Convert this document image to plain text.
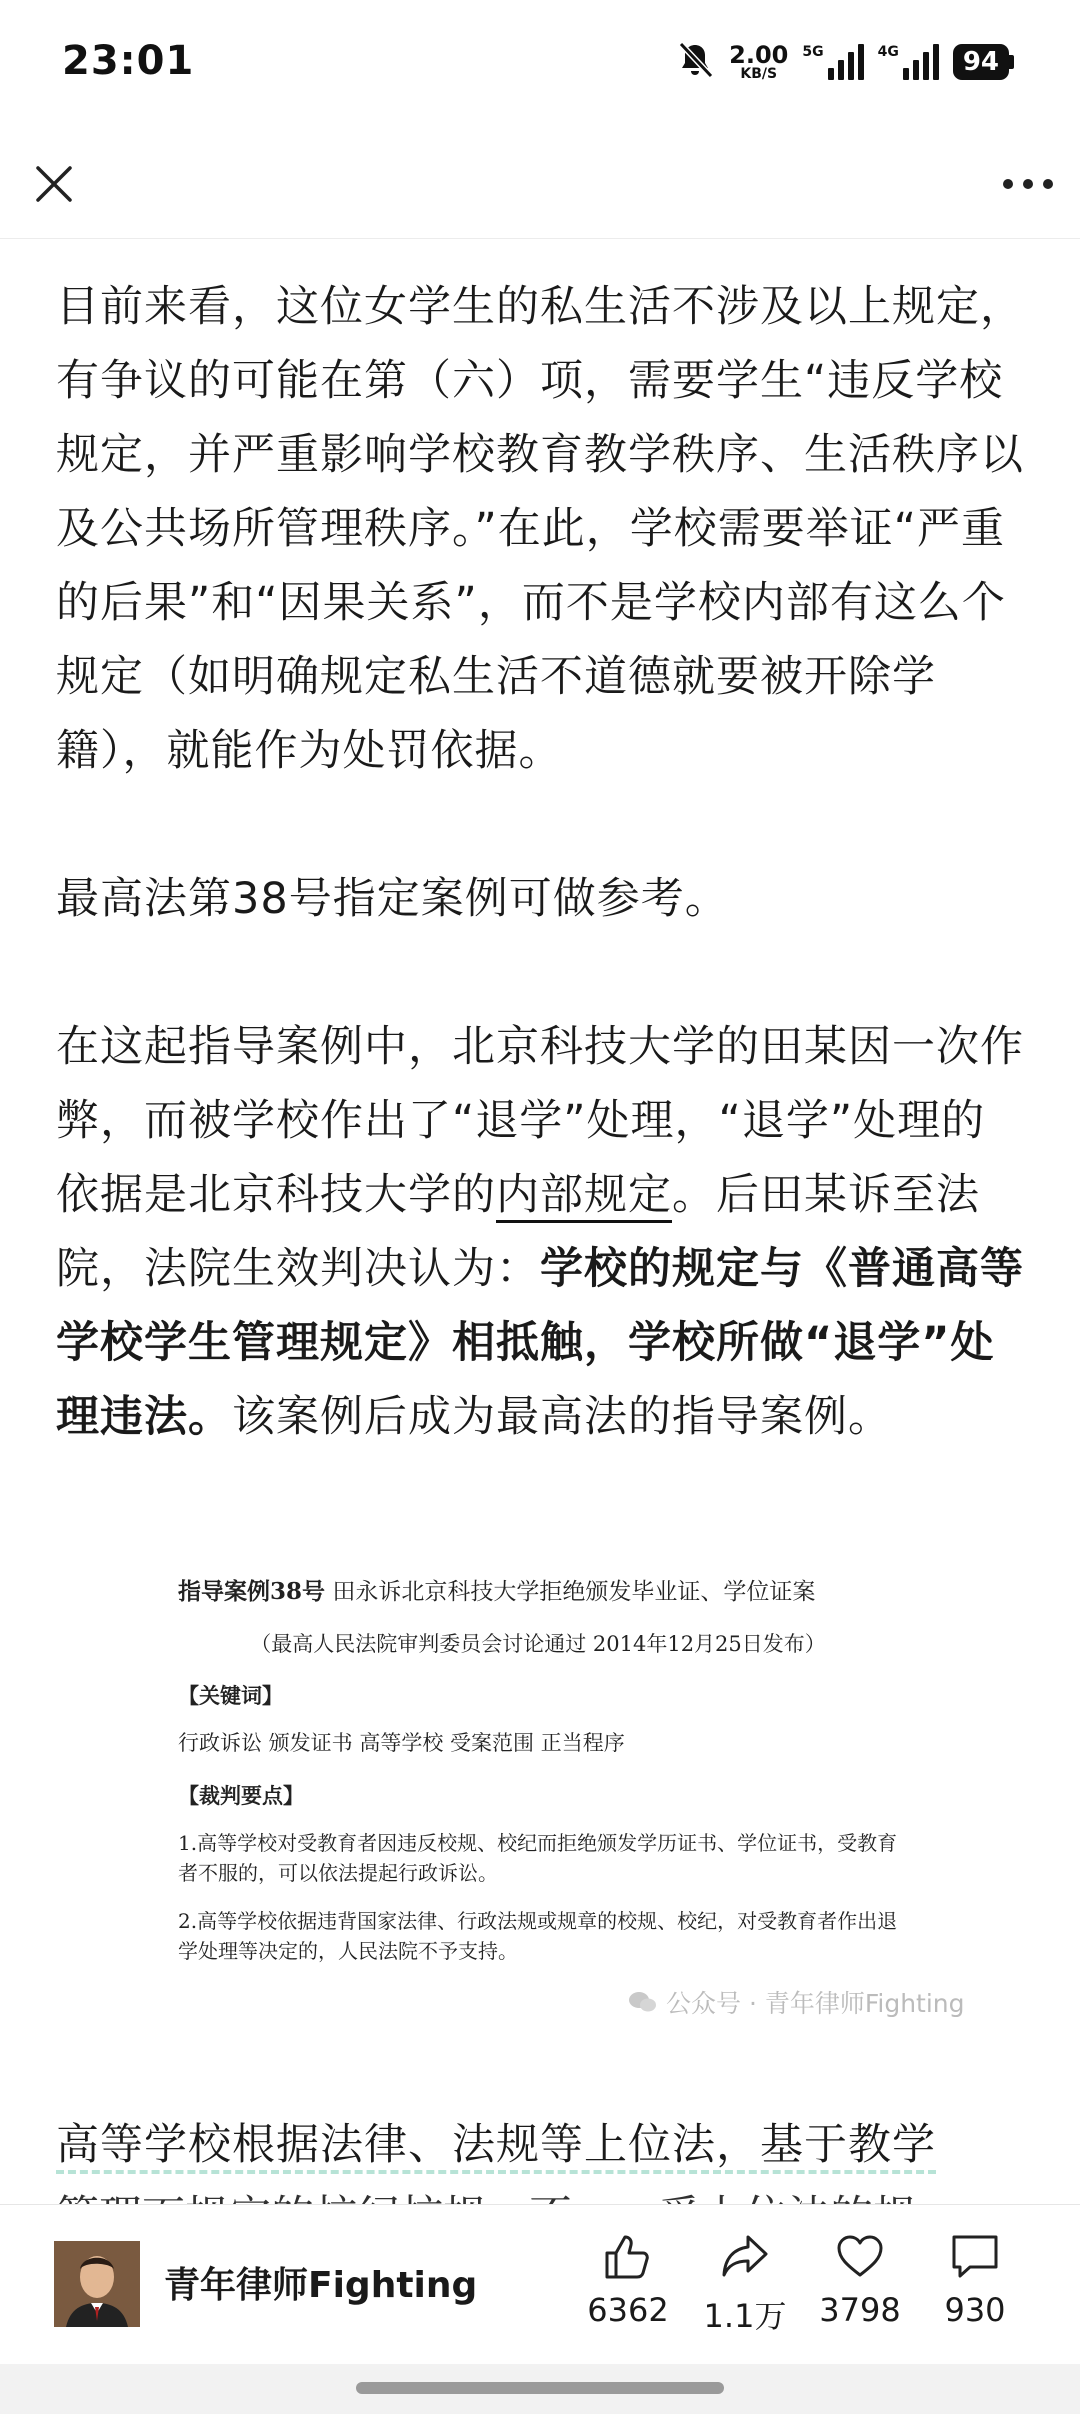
23:01	2.00
KB/S
5G	4G	94

目前来看，这位女学生的私生活不涉及以上规定，有争议的可能在第（六）项，需要学生“违反学校规定，并严重影响学校教育教学秩序、生活秩序以及公共场所管理秩序。”在此，学校需要举证“严重的后果”和“因果关系”，而不是学校内部有这么个规定（如明确规定私生活不道德就要被开除学籍），就能作为处罚依据。

最高法第38号指定案例可做参考。

在这起指导案例中，北京科技大学的田某因一次作弊，而被学校作出了“退学”处理，“退学”处理的依据是北京科技大学的内部规定。后田某诉至法院，法院生效判决认为：学校的规定与《普通高等学校学生管理规定》相抵触，学校所做“退学”处理违法。该案例后成为最高法的指导案例。

指导案例38号 田永诉北京科技大学拒绝颁发毕业证、学位证案
（最高人民法院审判委员会讨论通过 2014年12月25日发布）
【关键词】
行政诉讼 颁发证书 高等学校 受案范围 正当程序
【裁判要点】
1.高等学校对受教育者因违反校规、校纪而拒绝颁发学历证书、学位证书，受教育者不服的，可以依法提起行政诉讼。
2.高等学校依据违背国家法律、行政法规或规章的校规、校纪，对受教育者作出退学处理等决定的，人民法院不予支持。
公众号 · 青年律师Fighting
高等学校根据法律、法规等上位法，基于教学
青年律师Fighting
6362	1.1万	3798	930
